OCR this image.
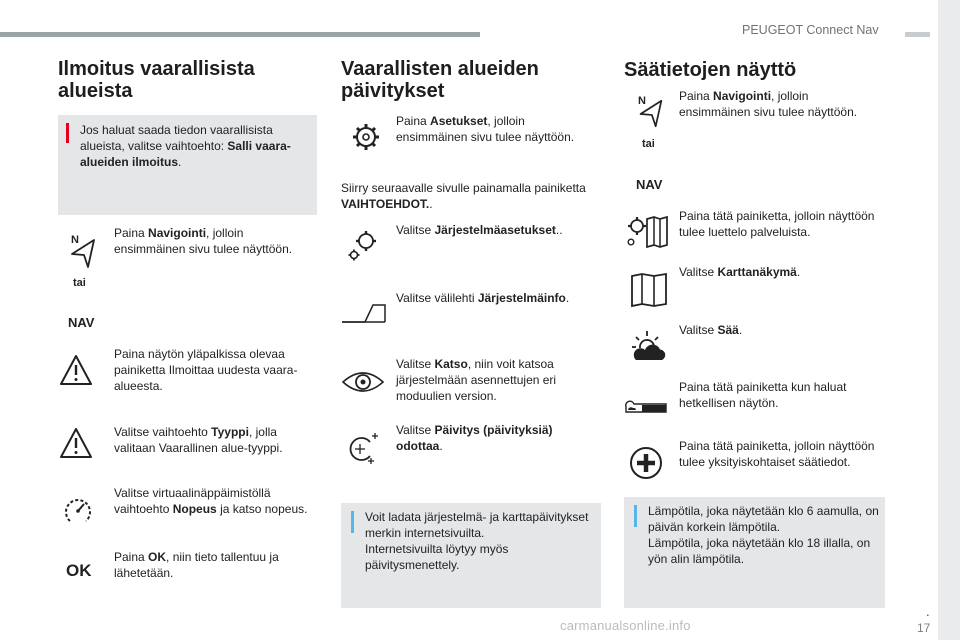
PEUGEOT Connect Nav
.
17
carmanualsonline.info
Ilmoitus vaarallisista alueista
Jos haluat saada tiedon vaarallisista alueista, valitse vaihtoehto: Salli vaara-alueiden ilmoitus.
N
tai
NAV
Paina Navigointi, jolloin ensimmäinen sivu tulee näyttöön.
Paina näytön yläpalkissa olevaa painiketta Ilmoittaa uudesta vaara-alueesta.
Valitse vaihtoehto Tyyppi, jolla valitaan Vaarallinen alue-tyyppi.
Valitse virtuaalinäppäimistöllä vaihtoehto Nopeus ja katso nopeus.
OK
Paina OK, niin tieto tallentuu ja lähetetään.
Vaarallisten alueiden päivitykset
Paina Asetukset, jolloin ensimmäinen sivu tulee näyttöön.
Siirry seuraavalle sivulle painamalla painiketta VAIHTOEHDOT..
Valitse Järjestelmäasetukset..
Valitse välilehti Järjestelmäinfo.
Valitse Katso, niin voit katsoa järjestelmään asennettujen eri moduulien version.
Valitse Päivitys (päivityksiä) odottaa.
Voit ladata järjestelmä- ja karttapäivitykset merkin internetsivuilta.
Internetsivuilta löytyy myös päivitysmenettely.
Säätietojen näyttö
N
tai
NAV
Paina Navigointi, jolloin ensimmäinen sivu tulee näyttöön.
Paina tätä painiketta, jolloin näyttöön tulee luettelo palveluista.
Valitse Karttanäkymä.
Valitse Sää.
Paina tätä painiketta kun haluat hetkellisen näytön.
Paina tätä painiketta, jolloin näyttöön tulee yksityiskohtaiset säätiedot.
Lämpötila, joka näytetään klo 6 aamulla, on päivän korkein lämpötila.
Lämpötila, joka näytetään klo 18 illalla, on yön alin lämpötila.
